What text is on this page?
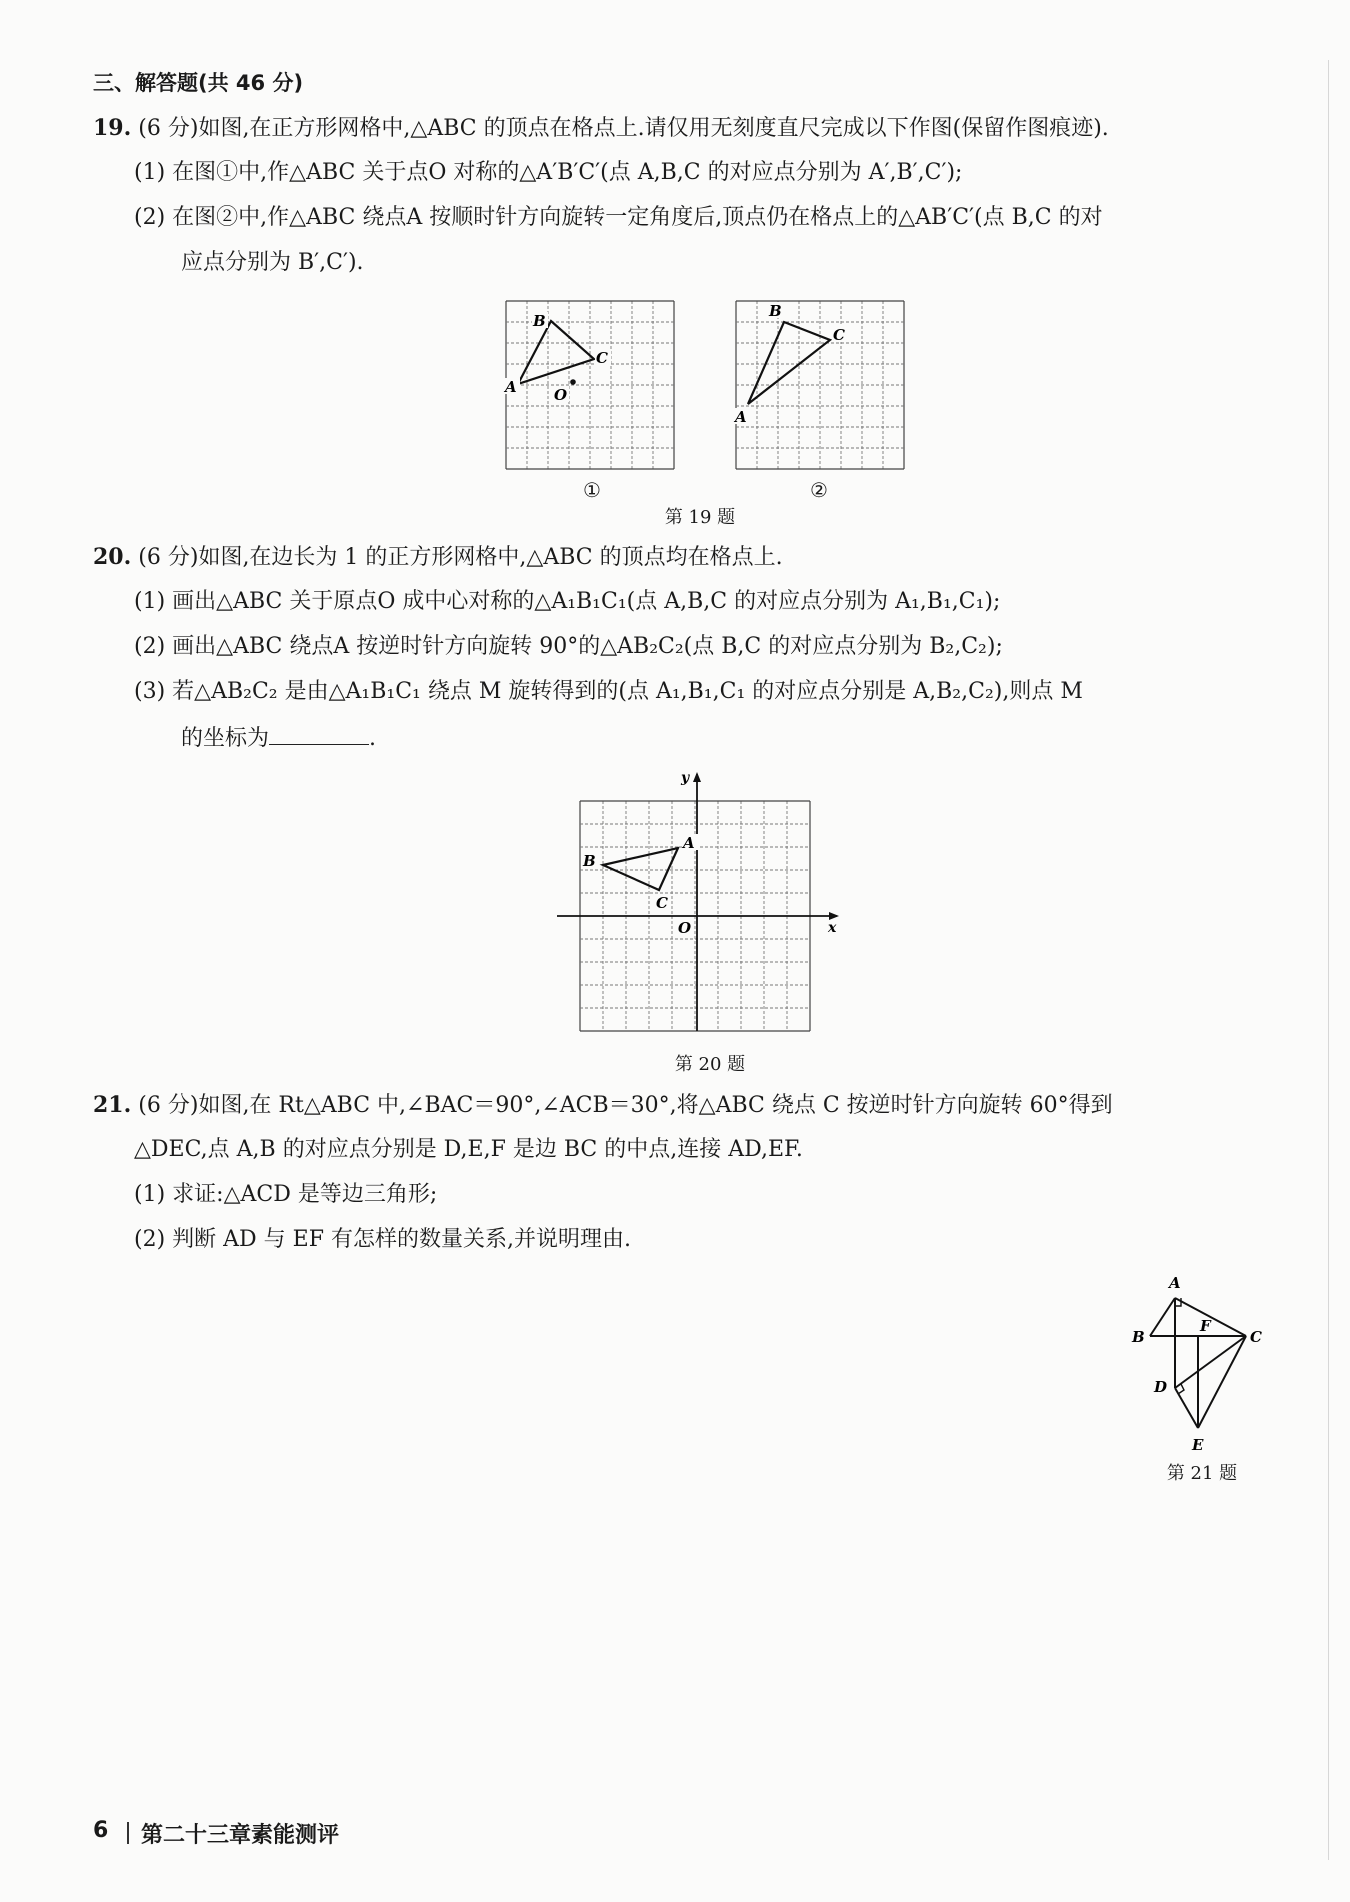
三、解答题(共 46 分)
19. (6 分)如图,在正方形网格中,△ABC 的顶点在格点上.请仅用无刻度直尺完成以下作图(保留作图痕迹).
(1) 在图①中,作△ABC 关于点O 对称的△A′B′C′(点 A,B,C 的对应点分别为 A′,B′,C′);
(2) 在图②中,作△ABC 绕点A 按顺时针方向旋转一定角度后,顶点仍在格点上的△AB′C′(点 B,C 的对
应点分别为 B′,C′).
B
C
A O
B
C
A
①	②
第 19 题
20. (6 分)如图,在边长为 1 的正方形网格中,△ABC 的顶点均在格点上.
(1) 画出△ABC 关于原点O 成中心对称的△A₁B₁C₁(点 A,B,C 的对应点分别为 A₁,B₁,C₁);
(2) 画出△ABC 绕点A 按逆时针方向旋转 90°的△AB₂C₂(点 B,C 的对应点分别为 B₂,C₂);
(3) 若△AB₂C₂ 是由△A₁B₁C₁ 绕点 M 旋转得到的(点 A₁,B₁,C₁ 的对应点分别是 A,B₂,C₂),则点 M
的坐标为	.
A
B
C
O	x
y
第 20 题
21. (6 分)如图,在 Rt△ABC 中,∠BAC＝90°,∠ACB＝30°,将△ABC 绕点 C 按逆时针方向旋转 60°得到
△DEC,点 A,B 的对应点分别是 D,E,F 是边 BC 的中点,连接 AD,EF.
(1) 求证:△ACD 是等边三角形;
(2) 判断 AD 与 EF 有怎样的数量关系,并说明理由.
A
B
F
C
D
E
第 21 题
6 第二十三章素能测评
